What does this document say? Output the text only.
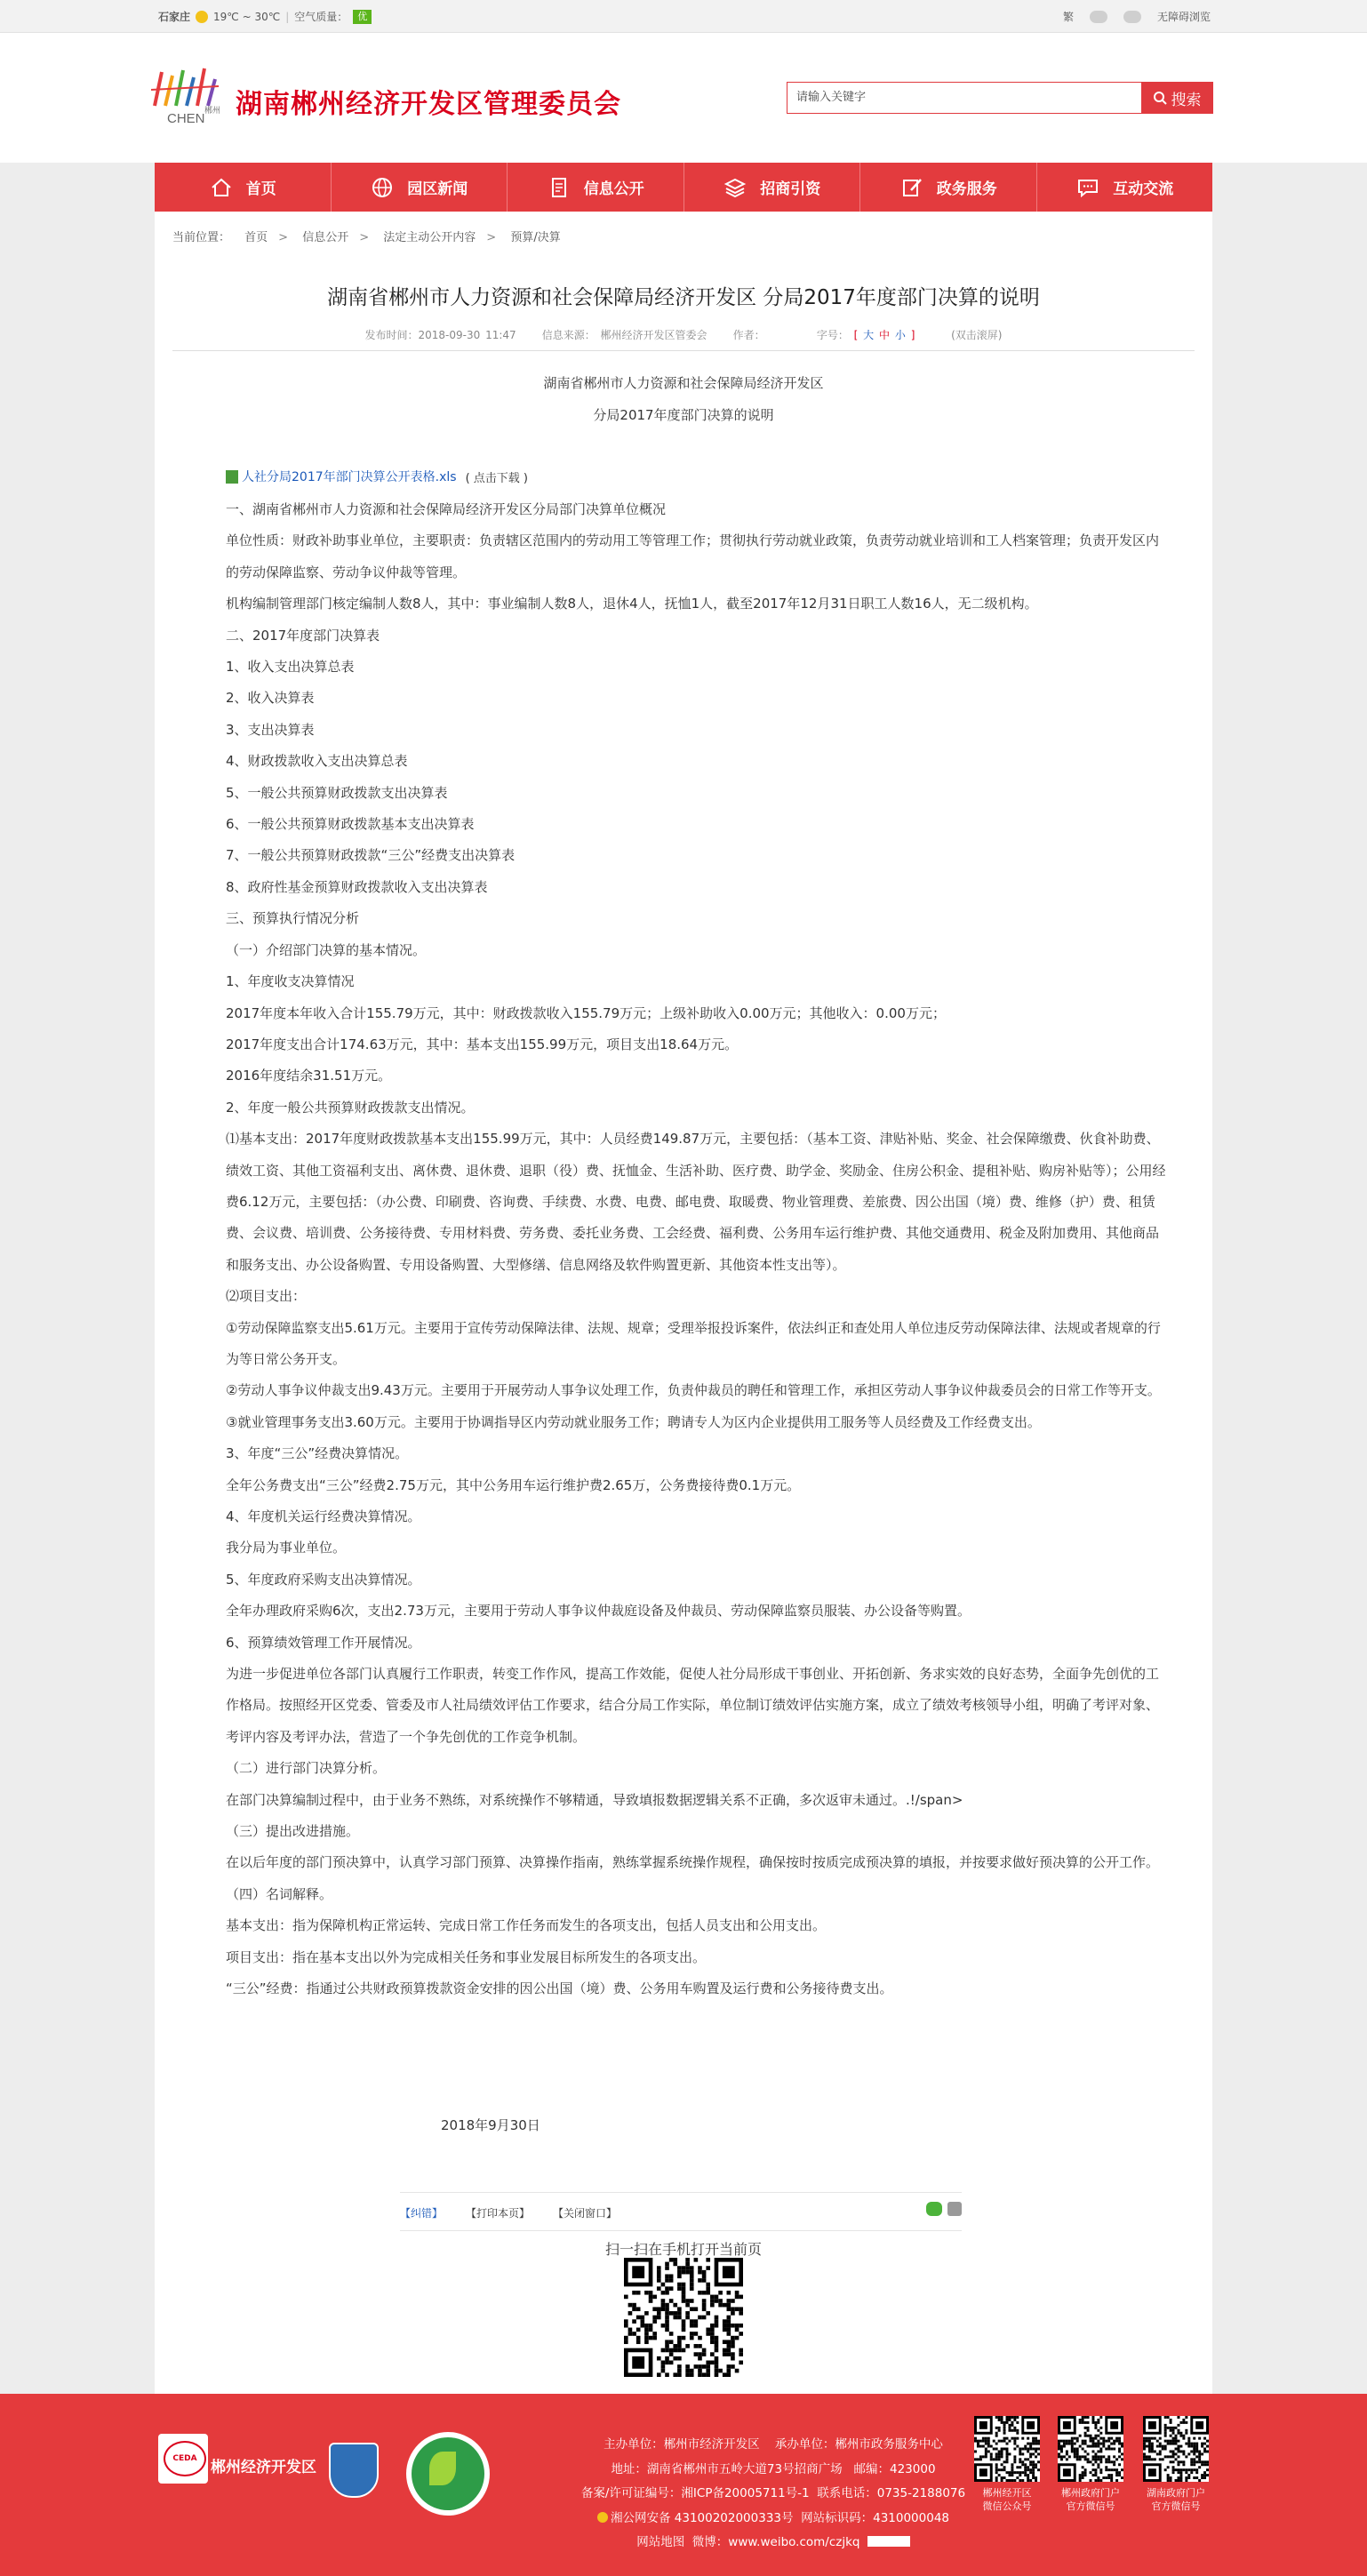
石家庄 19℃ ~ 30℃ | 空气质量：	优	繁	无障碍浏览
CHEN 郴州 湖南郴州经济开发区管理委员会	请输入关键字	搜索
首页	园区新闻	信息公开	招商引资	政务服务	互动交流
当前位置： 首页 > 信息公开 > 法定主动公开内容 > 预算/决算
湖南省郴州市人力资源和社会保障局经济开发区 分局2017年度部门决算的说明
发布时间：2018-09-30 11:47 信息来源： 郴州经济开发区管委会 作者：	字号： [ 大 中 小 ]	(双击滚屏)
湖南省郴州市人力资源和社会保障局经济开发区
分局2017年度部门决算的说明
人社分局2017年部门决算公开表格.xls ( 点击下载 )

一、湖南省郴州市人力资源和社会保障局经济开发区分局部门决算单位概况

单位性质：财政补助事业单位，主要职责：负责辖区范围内的劳动用工等管理工作；贯彻执行劳动就业政策，负责劳动就业培训和工人档案管理；负责开发区内的劳动保障监察、劳动争议仲裁等管理。

机构编制管理部门核定编制人数8人，其中：事业编制人数8人，退休4人，抚恤1人，截至2017年12月31日职工人数16人，无二级机构。

二、2017年度部门决算表

1、收入支出决算总表

2、收入决算表

3、支出决算表

4、财政拨款收入支出决算总表

5、一般公共预算财政拨款支出决算表

6、一般公共预算财政拨款基本支出决算表

7、一般公共预算财政拨款“三公”经费支出决算表

8、政府性基金预算财政拨款收入支出决算表

三、预算执行情况分析

（一）介绍部门决算的基本情况。

1、年度收支决算情况

2017年度本年收入合计155.79万元，其中：财政拨款收入155.79万元；上级补助收入0.00万元；其他收入：0.00万元；

2017年度支出合计174.63万元，其中：基本支出155.99万元，项目支出18.64万元。

2016年度结余31.51万元。

2、年度一般公共预算财政拨款支出情况。

⑴基本支出：2017年度财政拨款基本支出155.99万元，其中：人员经费149.87万元，主要包括：（基本工资、津贴补贴、奖金、社会保障缴费、伙食补助费、绩效工资、其他工资福利支出、离休费、退休费、退职（役）费、抚恤金、生活补助、医疗费、助学金、奖励金、住房公积金、提租补贴、购房补贴等）；公用经费6.12万元，主要包括：（办公费、印刷费、咨询费、手续费、水费、电费、邮电费、取暖费、物业管理费、差旅费、因公出国（境）费、维修（护）费、租赁费、会议费、培训费、公务接待费、专用材料费、劳务费、委托业务费、工会经费、福利费、公务用车运行维护费、其他交通费用、税金及附加费用、其他商品和服务支出、办公设备购置、专用设备购置、大型修缮、信息网络及软件购置更新、其他资本性支出等）。

⑵项目支出：

①劳动保障监察支出5.61万元。主要用于宣传劳动保障法律、法规、规章；受理举报投诉案件，依法纠正和查处用人单位违反劳动保障法律、法规或者规章的行为等日常公务开支。

②劳动人事争议仲裁支出9.43万元。主要用于开展劳动人事争议处理工作，负责仲裁员的聘任和管理工作，承担区劳动人事争议仲裁委员会的日常工作等开支。

③就业管理事务支出3.60万元。主要用于协调指导区内劳动就业服务工作；聘请专人为区内企业提供用工服务等人员经费及工作经费支出。

3、年度“三公”经费决算情况。

全年公务费支出“三公”经费2.75万元，其中公务用车运行维护费2.65万，公务费接待费0.1万元。

4、年度机关运行经费决算情况。

我分局为事业单位。

5、年度政府采购支出决算情况。

全年办理政府采购6次，支出2.73万元，主要用于劳动人事争议仲裁庭设备及仲裁员、劳动保障监察员服装、办公设备等购置。

6、预算绩效管理工作开展情况。

为进一步促进单位各部门认真履行工作职责，转变工作作风，提高工作效能，促使人社分局形成干事创业、开拓创新、务求实效的良好态势，全面争先创优的工作格局。按照经开区党委、管委及市人社局绩效评估工作要求，结合分局工作实际，单位制订绩效评估实施方案，成立了绩效考核领导小组，明确了考评对象、考评内容及考评办法，营造了一个争先创优的工作竞争机制。

（二）进行部门决算分析。

在部门决算编制过程中，由于业务不熟练，对系统操作不够精通，导致填报数据逻辑关系不正确，多次返审未通过。.!/span>

（三）提出改进措施。

在以后年度的部门预决算中，认真学习部门预算、决算操作指南，熟练掌握系统操作规程，确保按时按质完成预决算的填报，并按要求做好预决算的公开工作。

（四）名词解释。

基本支出：指为保障机构正常运转、完成日常工作任务而发生的各项支出，包括人员支出和公用支出。

项目支出：指在基本支出以外为完成相关任务和事业发展目标所发生的各项支出。

“三公”经费：指通过公共财政预算拨款资金安排的因公出国（境）费、公务用车购置及运行费和公务接待费支出。

2018年9月30日
【纠错】 【打印本页】 【关闭窗口】
扫一扫在手机打开当前页
CEDA 郴州经济开发区
主办单位：郴州市经济开发区 承办单位：郴州市政务服务中心
地址：湖南省郴州市五岭大道73号招商广场 邮编：423000
备案/许可证编号：湘ICP备20005711号-1 联系电话：0735-2188076
湘公网安备 43100202000333号 网站标识码：4310000048
网站地图 微博：www.weibo.com/czjkq
郴州经开区
微信公众号
郴州政府门户
官方微信号
湖南政府门户
官方微信号
